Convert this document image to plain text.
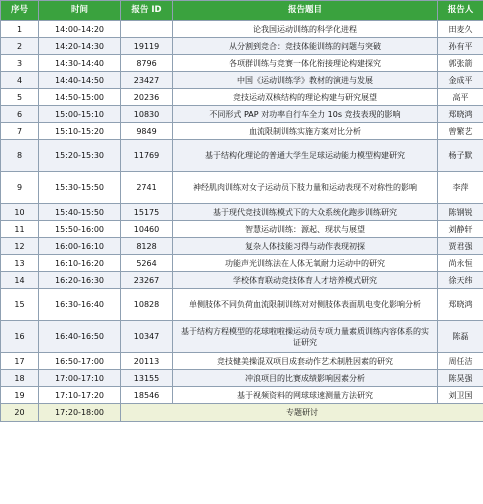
序号	时间	报告 ID	报告题目	报告人
1	14:00-14:20		论我国运动训练的科学化进程	田麦久
2	14:20-14:30	19119	从分割到竞合：竞技体能训练的问题与突破	孙有平
3	14:30-14:40	8796	各项群训练与竞赛一体化衔接理论构建探究	郭张箭
4	14:40-14:50	23427	中国《运动训练学》教材的演进与发展	金成平
5	14:50-15:00	20236	竞技运动双核结构的理论构建与研究展望	高平
6	15:00-15:10	10830	不同形式 PAP 对功率自行车全力 10s 竞技表现的影响	郑晓鸿
7	15:10-15:20	9849	血流限制训练实施方案对比分析	曾繁艺
8	15:20-15:30	11769	基于结构化理论的普通大学生足球运动能力模型构建研究	杨子默
9	15:30-15:50	2741	神经肌肉训练对女子运动员下肢力量和运动表现不对称性的影响	李萍
10	15:40-15:50	15175	基于现代竞技训练模式下的大众系统化跑步训练研究	陈钢锐
11	15:50-16:00	10460	智慧运动训练：源起、现状与展望	刘静轩
12	16:00-16:10	8128	复杂人体技能习得与动作表现初探	贾君强
13	16:10-16:20	5264	功能声光训练法在人体无氧耐力运动中的研究	尚永恒
14	16:20-16:30	23267	学校体育联动竞技体育人才培养模式研究	徐天纬
15	16:30-16:40	10828	单侧肢体不同负荷血流限制训练对对侧肢体表面肌电变化影响分析	郑晓鸿
16	16:40-16:50	10347	基于结构方程模型的花球啦啦操运动员专项力量素质训练内容体系的实证研究	陈磊
17	16:50-17:00	20113	竞技健美操混双项目成套动作艺术制胜因素的研究	周任洁
18	17:00-17:10	13155	冲浪项目的比赛成绩影响因素分析	陈昊强
19	17:10-17:20	18546	基于视频资料的网球球速测量方法研究	刘卫国
20	17:20-18:00	专题研讨		
